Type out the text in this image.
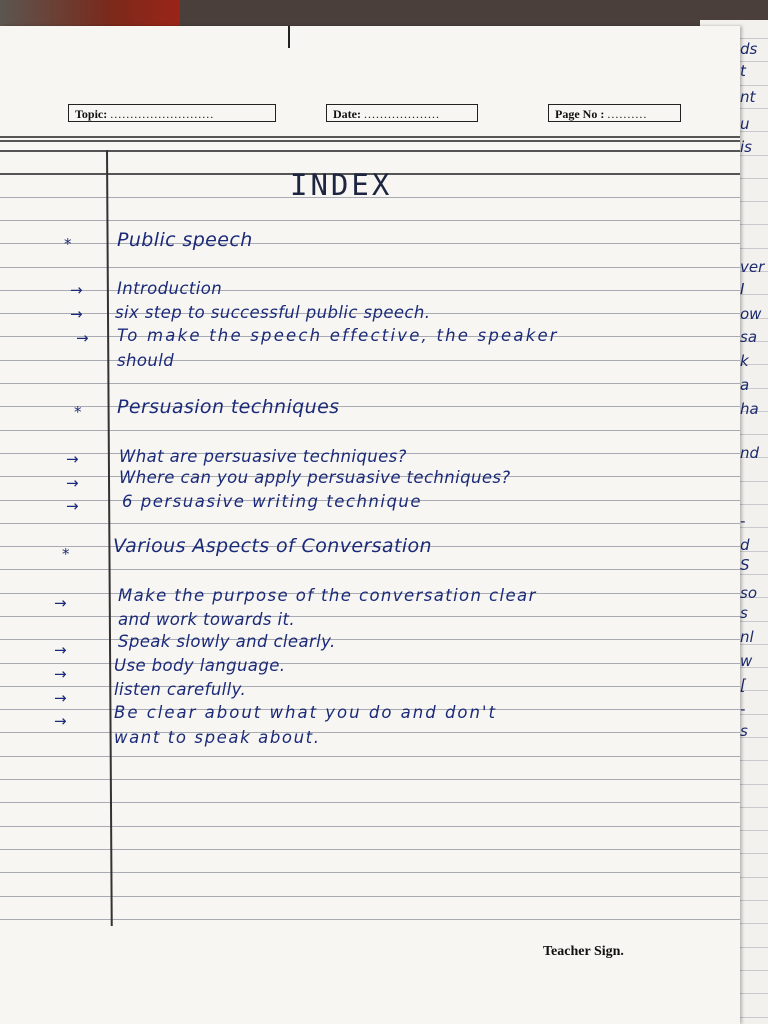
ds
t
nt
u
is
ver
I
ow
sa
k
a
ha
nd
-
d
S
so
s
nl
w
[
-
s
Topic: ..........................	Date: ...................	Page No : ..........
INDEX
* Public speech
→ Introduction
→ six step to successful public speech.
→ To make the speech effective, the speaker
should
* Persuasion techniques
→ What are persuasive techniques?
→ Where can you apply persuasive techniques?
→	6 persuasive writing technique
* Various Aspects of Conversation
→	Make the purpose of the conversation clear
and work towards it.
→	Speak slowly and clearly.
→	Use body language.
→	listen carefully.
→	Be clear about what you do and don't
want to speak about.
Teacher Sign.
